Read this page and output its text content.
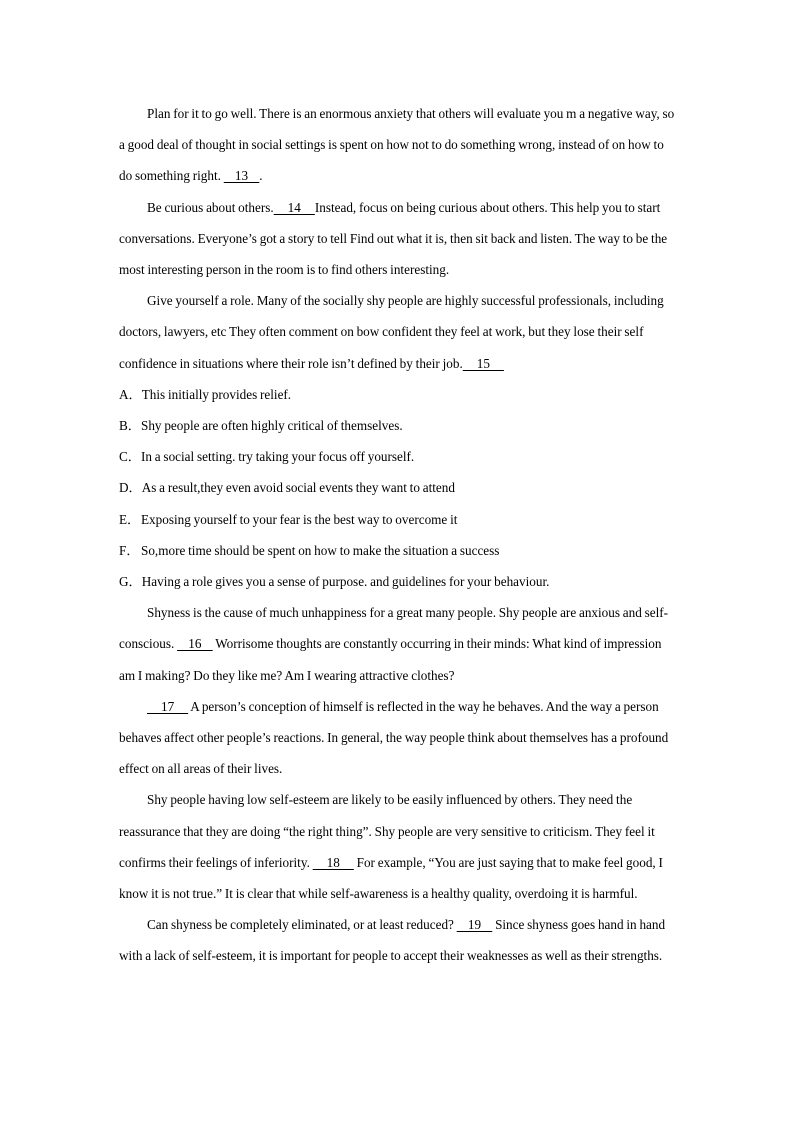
Plan for it to go well. There is an enormous anxiety that others will evaluate you m a negative way, so a good deal of thought in social settings is spent on how not to do something wrong, instead of on how to do something right.     13    .

Be curious about others.     14     Instead, focus on being curious about others. This help you to start conversations. Everyone’s got a story to tell Find out what it is, then sit back and listen. The way to be the most interesting person in the room is to find others interesting.

Give yourself a role. Many of the socially shy people are highly successful professionals, including doctors, lawyers, etc They often comment on bow confident they feel at work, but they lose their self confidence in situations where their role isn’t defined by their job.     15

A．This initially provides relief.

B．Shy people are often highly critical of themselves.

C．In a social setting. try taking your focus off yourself.

D．As a result,they even avoid social events they want to attend

E．Exposing yourself to your fear is the best way to overcome it

F．So,more time should be spent on how to make the situation a success

G．Having a role gives you a sense of purpose. and guidelines for your behaviour.

Shyness is the cause of much unhappiness for a great many people. Shy people are anxious and self-conscious.     16     Worrisome thoughts are constantly occurring in their minds: What kind of impression am I making? Do they like me? Am I wearing attractive clothes?

17      A person’s conception of himself is reflected in the way he behaves. And the way a person behaves affect other people’s reactions. In general, the way people think about themselves has a profound effect on all areas of their lives.

Shy people having low self-esteem are likely to be easily influenced by others. They need the reassurance that they are doing “the right thing”. Shy people are very sensitive to criticism. They feel it confirms their feelings of inferiority.      18      For example, “You are just saying that to make feel good, I know it is not true.” It is clear that while self-awareness is a healthy quality, overdoing it is harmful.

Can shyness be completely eliminated, or at least reduced?     19     Since shyness goes hand in hand with a lack of self-esteem, it is important for people to accept their weaknesses as well as their strengths.
